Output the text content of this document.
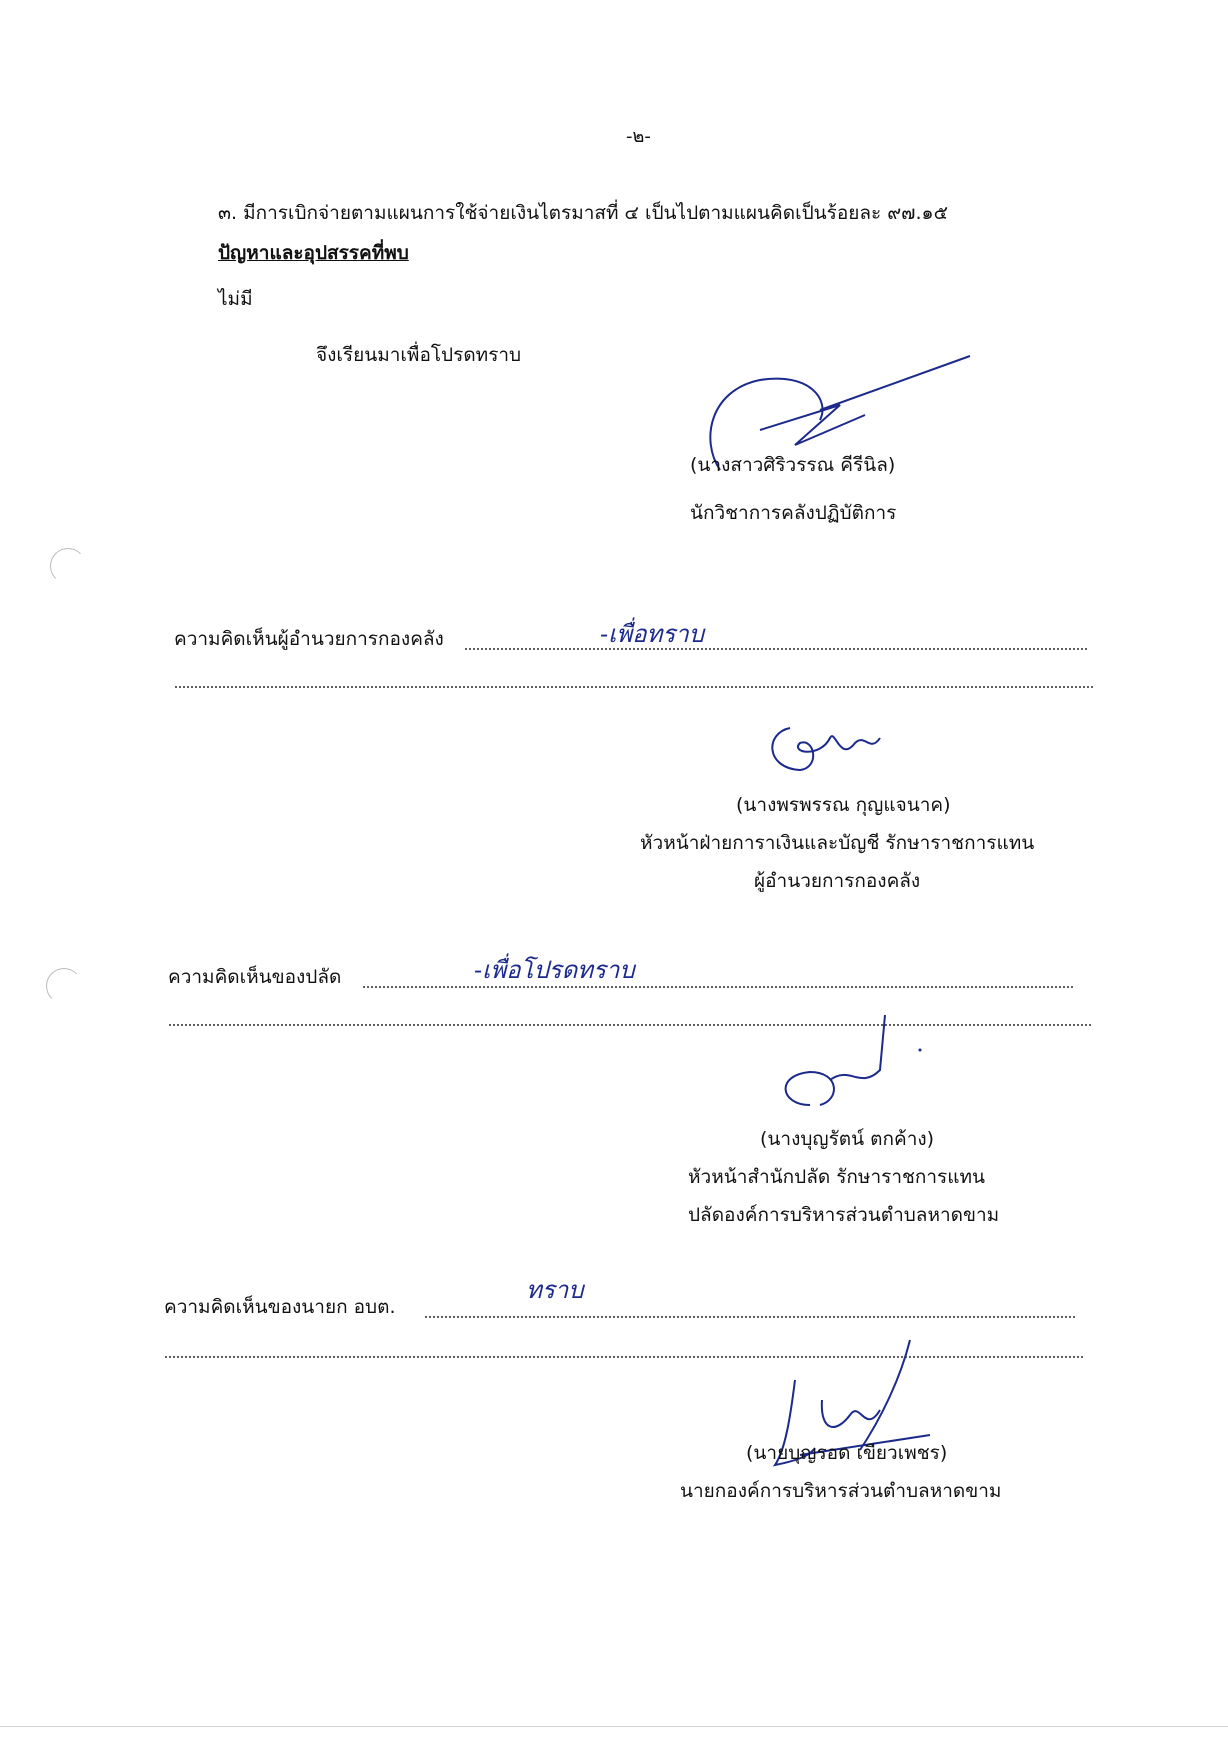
-๒-
๓. มีการเบิกจ่ายตามแผนการใช้จ่ายเงินไตรมาสที่ ๔ เป็นไปตามแผนคิดเป็นร้อยละ ๙๗.๑๕
ปัญหาและอุปสรรคที่พบ
ไม่มี
จึงเรียนมาเพื่อโปรดทราบ
(นางสาวศิริวรรณ คีรีนิล)
นักวิชาการคลังปฏิบัติการ
ความคิดเห็นผู้อำนวยการกองคลัง	-เพื่อทราบ
(นางพรพรรณ กุญแจนาค)
หัวหน้าฝ่ายการาเงินและบัญชี รักษาราชการแทน
ผู้อำนวยการกองคลัง
ความคิดเห็นของปลัด	-เพื่อโปรดทราบ
(นางบุญรัตน์ ตกค้าง)
หัวหน้าสำนักปลัด รักษาราชการแทน
ปลัดองค์การบริหารส่วนตำบลหาดขาม
ความคิดเห็นของนายก อบต.
ทราบ
(นายบุญรอด เขียวเพชร)
นายกองค์การบริหารส่วนตำบลหาดขาม
